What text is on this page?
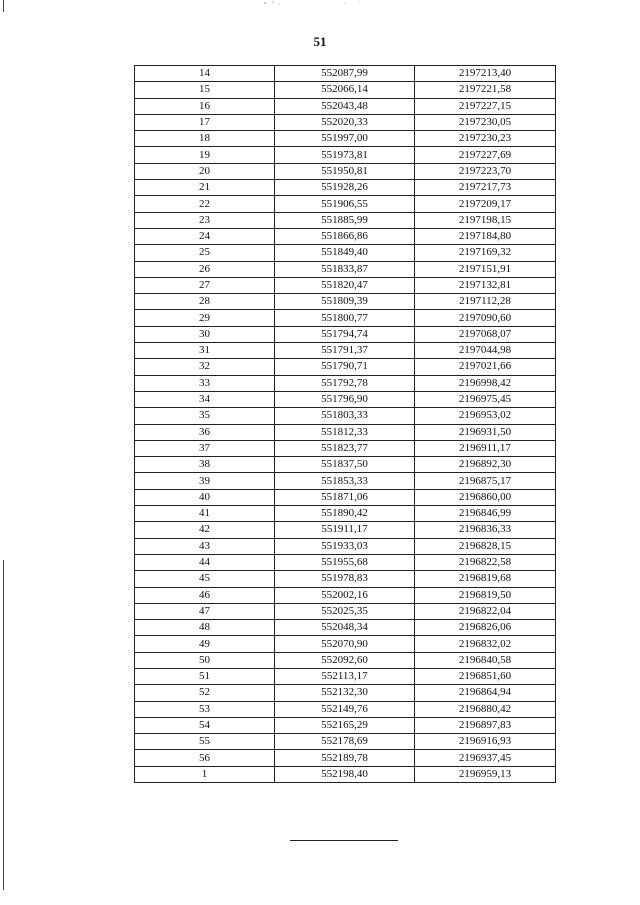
51
14	552087,99	2197213,40
15	552066,14	2197221,58
16	552043,48	2197227,15
17	552020,33	2197230,05
18	551997,00	2197230,23
19	551973,81	2197227,69
20	551950,81	2197223,70
21	551928,26	2197217,73
22	551906,55	2197209,17
23	551885,99	2197198,15
24	551866,86	2197184,80
25	551849,40	2197169,32
26	551833,87	2197151,91
27	551820,47	2197132,81
28	551809,39	2197112,28
29	551800,77	2197090,60
30	551794,74	2197068,07
31	551791,37	2197044,98
32	551790,71	2197021,66
33	551792,78	2196998,42
34	551796,90	2196975,45
35	551803,33	2196953,02
36	551812,33	2196931,50
37	551823,77	2196911,17
38	551837,50	2196892,30
39	551853,33	2196875,17
40	551871,06	2196860,00
41	551890,42	2196846,99
42	551911,17	2196836,33
43	551933,03	2196828,15
44	551955,68	2196822,58
45	551978,83	2196819,68
46	552002,16	2196819,50
47	552025,35	2196822,04
48	552048,34	2196826,06
49	552070,90	2196832,02
50	552092,60	2196840,58
51	552113,17	2196851,60
52	552132,30	2196864,94
53	552149,76	2196880,42
54	552165,29	2196897,83
55	552178,69	2196916,93
56	552189,78	2196937,45
1	552198,40	2196959,13
